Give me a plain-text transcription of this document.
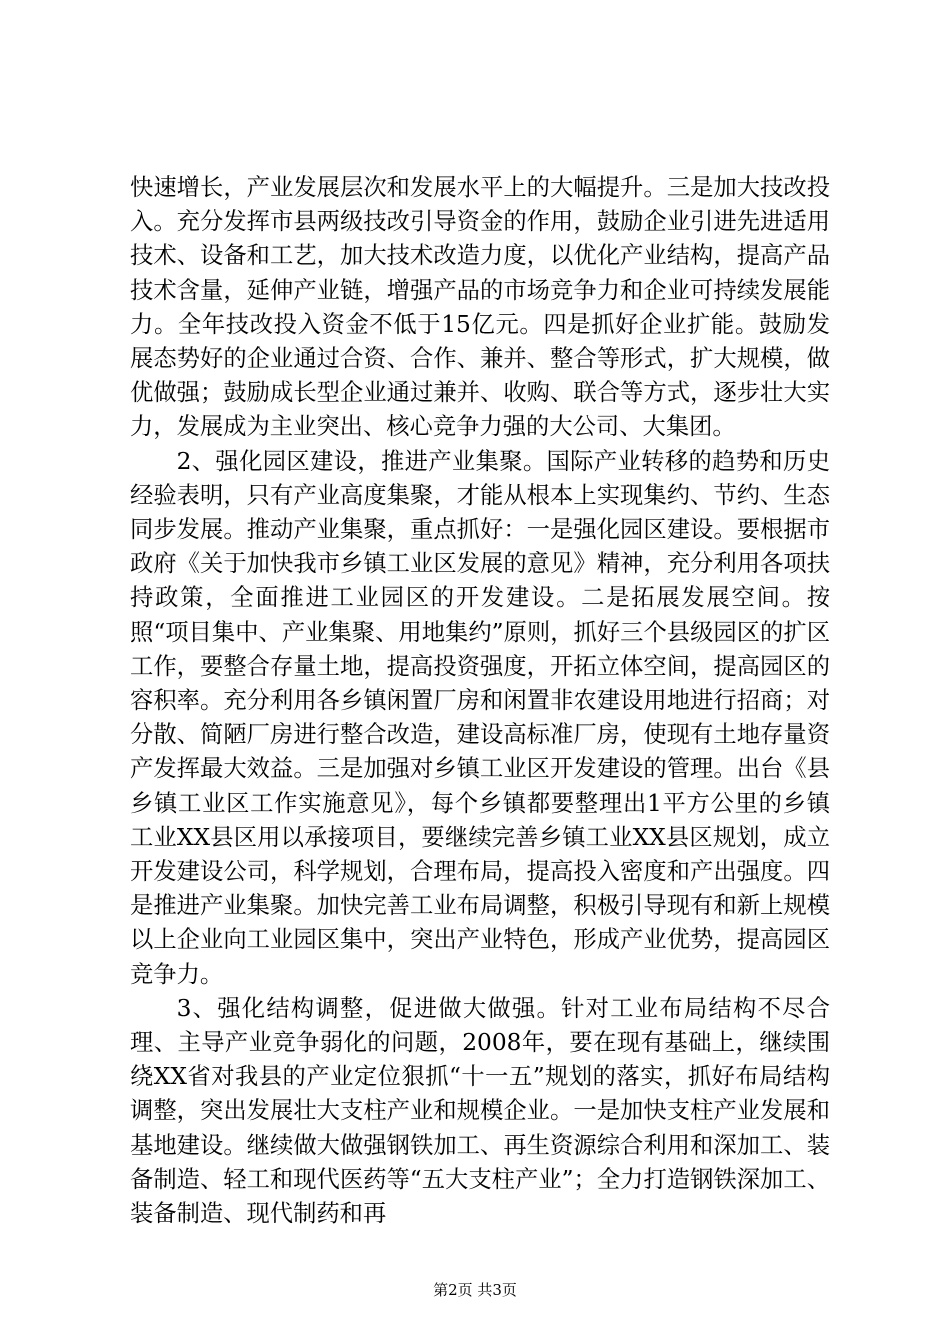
快速增长，产业发展层次和发展水平上的大幅提升。三是加大技改投入。充分发挥市县两级技改引导资金的作用，鼓励企业引进先进适用技术、设备和工艺，加大技术改造力度，以优化产业结构，提高产品技术含量，延伸产业链，增强产品的市场竞争力和企业可持续发展能力。全年技改投入资金不低于15亿元。四是抓好企业扩能。鼓励发展态势好的企业通过合资、合作、兼并、整合等形式，扩大规模，做优做强；鼓励成长型企业通过兼并、收购、联合等方式，逐步壮大实力，发展成为主业突出、核心竞争力强的大公司、大集团。

2、强化园区建设，推进产业集聚。国际产业转移的趋势和历史经验表明，只有产业高度集聚，才能从根本上实现集约、节约、生态同步发展。推动产业集聚，重点抓好：一是强化园区建设。要根据市政府《关于加快我市乡镇工业区发展的意见》精神，充分利用各项扶持政策，全面推进工业园区的开发建设。二是拓展发展空间。按照“项目集中、产业集聚、用地集约”原则，抓好三个县级园区的扩区工作，要整合存量土地，提高投资强度，开拓立体空间，提高园区的容积率。充分利用各乡镇闲置厂房和闲置非农建设用地进行招商；对分散、简陋厂房进行整合改造，建设高标准厂房，使现有土地存量资产发挥最大效益。三是加强对乡镇工业区开发建设的管理。出台《县乡镇工业区工作实施意见》，每个乡镇都要整理出1平方公里的乡镇工业XX县区用以承接项目，要继续完善乡镇工业XX县区规划，成立开发建设公司，科学规划，合理布局，提高投入密度和产出强度。四是推进产业集聚。加快完善工业布局调整，积极引导现有和新上规模以上企业向工业园区集中，突出产业特色，形成产业优势，提高园区竞争力。

3、强化结构调整，促进做大做强。针对工业布局结构不尽合理、主导产业竞争弱化的问题，2008年，要在现有基础上，继续围绕XX省对我县的产业定位狠抓“十一五”规划的落实，抓好布局结构调整，突出发展壮大支柱产业和规模企业。一是加快支柱产业发展和基地建设。继续做大做强钢铁加工、再生资源综合利用和深加工、装备制造、轻工和现代医药等“五大支柱产业”；全力打造钢铁深加工、装备制造、现代制药和再

第2页 共3页
